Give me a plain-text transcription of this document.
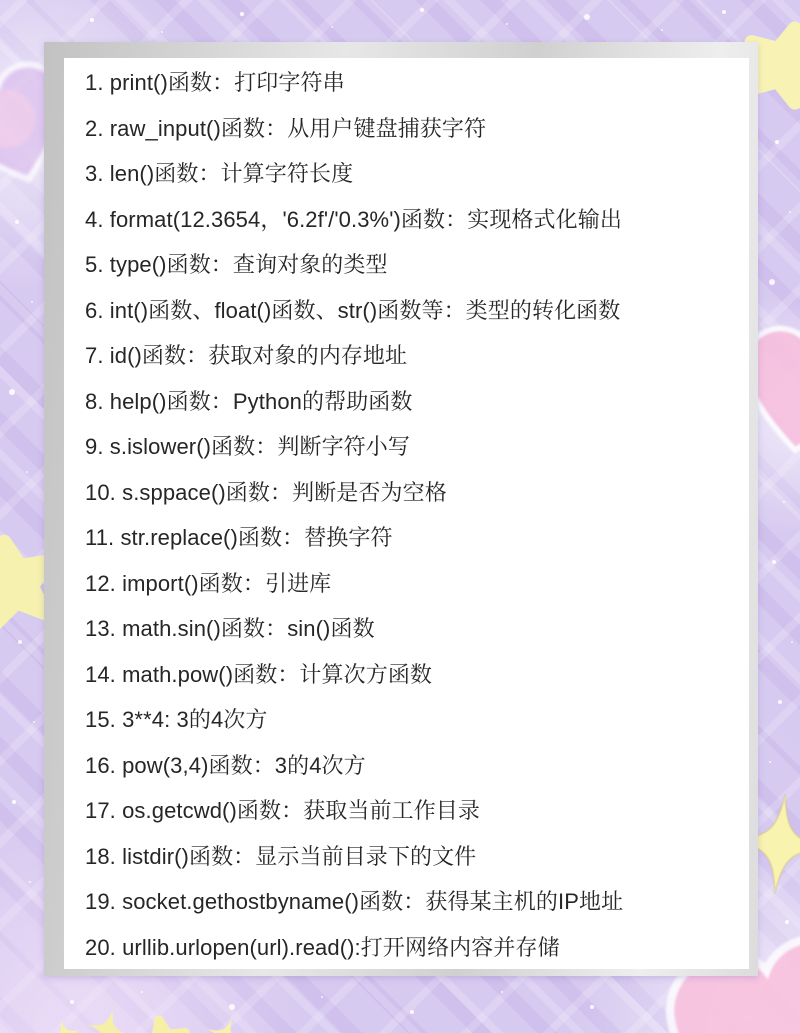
1. print()函数：打印字符串
2. raw_input()函数：从用户键盘捕获字符
3. len()函数：计算字符长度
4. format(12.3654，'6.2f'/'0.3%')函数：实现格式化输出
5. type()函数：查询对象的类型
6. int()函数、float()函数、str()函数等：类型的转化函数
7. id()函数：获取对象的内存地址
8. help()函数：Python的帮助函数
9. s.islower()函数：判断字符小写
10. s.sppace()函数：判断是否为空格
11. str.replace()函数：替换字符
12. import()函数：引进库
13. math.sin()函数：sin()函数
14. math.pow()函数：计算次方函数
15. 3**4: 3的4次方
16. pow(3,4)函数：3的4次方
17. os.getcwd()函数：获取当前工作目录
18. listdir()函数：显示当前目录下的文件
19. socket.gethostbyname()函数：获得某主机的IP地址
20. urllib.urlopen(url).read():打开网络内容并存储
